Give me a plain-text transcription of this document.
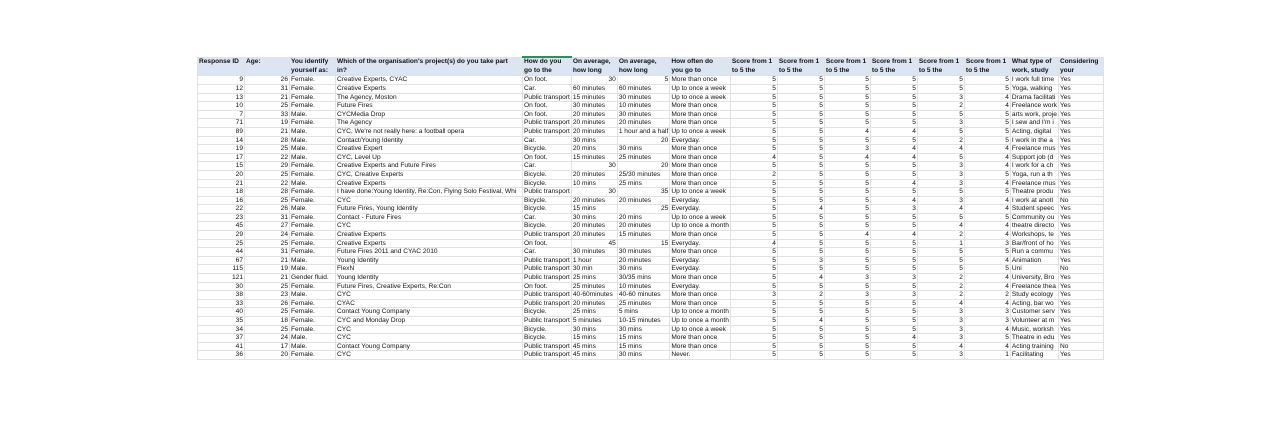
Response ID	Age:	You identify	Which of the organisation's project(s) do you take part	How do you	On average,	On average,	How often do	Score from 1	Score from 1	Score from 1	Score from 1	Score from 1	Score from 1	What type of	Considering
		yourself as:	in?	go to the	how long	how long	you go to	to 5 the	to 5 the	to 5 the	to 5 the	to 5 the	to 5 the	work, study	your
9	26	Female.	Creative Experts, CYAC	On foot.	30	5	More than once	5	5	5	5	5	5	I work full time	Yes
12	31	Female.	Creative Experts	Car.	60 minutes	60 minutes	Up to once a week	5	5	5	5	5	5	Yoga, walking	Yes
13	21	Female.	The Agency, Moston	Public transport	15 minutes	30 minutes	Up to once a week	5	5	5	5	3	4	Drama facilitati	Yes
10	25	Female.	Future Fires	On foot.	30 minutes	10 minutes	More than once	5	5	5	5	2	4	Freelance work	Yes
7	33	Male.	CYCMedia Drop	On foot.	20 minutes	30 minutes	More than once	5	5	5	5	5	5	arts work, proje	Yes
71	19	Female.	The Agency	Public transport	20 minutes	20 minutes	More than once	5	5	5	5	3	5	I sew and I'm i	Yes
89	21	Male.	CYC, We're not really here: a football opera	Public transport	20 minutes	1 hour and a half	Up to once a week	5	5	4	4	5	5	Acting, digital	Yes
14	28	Male.	Contact/Young Identity	Car.	30 mins	20	Everyday.	5	5	5	5	2	5	I work in the a	Yes
19	25	Male.	Creative Expert	Bicycle.	20 mins	30 mins	More than once	5	5	3	4	4	4	Freelance mus	Yes
17	22	Male.	CYC, Level Up	On foot.	15 minutes	25 minutes	More than once	4	5	4	4	5	4	Support job (d	Yes
15	29	Female.	Creative Experts and Future Fires	Car.	30	20	More than once	5	5	5	5	3	4	I work for a ch	Yes
20	25	Female.	CYC, Creative Experts	Bicycle.	20 minutes	25/30 minutes	More than once	2	5	5	5	3	5	Yoga, run a th	Yes
21	22	Male.	Creative Experts	Bicycle.	10 mins	25 mins	More than once	5	5	5	4	3	4	Freelance mus	Yes
18	28	Female.	I have done:Young Identity, Re:Con, Flying Solo Festival, Whi	Public transport	30	35	Up to once a week	5	5	5	5	5	5	Theatre produ	Yes
16	25	Female.	CYC	Bicycle.	20 minutes	20 minutes	Everyday.	5	5	5	4	3	4	I work at anotl	No
22	26	Male.	Future Fires, Young Identity	Bicycle.	15 mins	25	Everyday.	5	4	5	3	4	4	Student speec	Yes
23	31	Female.	Contact - Future Fires	Car.	30 mins	20 mins	Up to once a week	5	5	5	5	5	5	Community ou	Yes
45	27	Female.	CYC	Bicycle.	20 minutes	20 minutes	Up to once a month	5	5	5	5	4	4	theatre directo	Yes
29	24	Female.	Creative Experts	Public transport	20 minutes	15 minutes	More than once	5	5	4	4	2	4	Workshops, te	Yes
25	25	Female.	Creative Experts	On foot.	45	15	Everyday.	4	5	5	5	1	3	Bar/front of ho	Yes
44	31	Female.	Future Fires 2011 and CYAC 2010	Car.	30 minutes	30 minutes	More than once	5	5	5	5	5	5	Run a commu	Yes
67	21	Male.	Young Identity	Public transport	1 hour	20 minutes	Everyday.	5	3	5	5	5	4	Animation	Yes
115	19	Male.	FlexN	Public transport	30 min	30 mins	Everyday.	5	5	5	5	5	5	Uni	No
121	21	Gender fluid.	Young Identity	Public transport	25 mins	30/35 mins	More than once	5	4	3	3	2	4	University, Bro	Yes
30	25	Female.	Future Fires, Creative Experts, Re:Con	On foot.	25 minutes	10 minutes	Everyday.	5	5	5	5	2	4	Freelance thea	Yes
38	23	Male.	CYC	Public transport	40-60minutes	40-60 minutes	More than once	3	2	3	3	2	2	Study ecology	Yes
33	26	Female.	CYAC	Public transport	20 minutes	25 minutes	More than once	5	5	5	5	4	4	Acting, bar wo	Yes
40	25	Female.	Contact Young Company	Bicycle.	25 mins	5 mins	Up to once a month	5	5	5	5	3	3	Customer serv	Yes
35	18	Female.	CYC and Monday Drop	Public transport	5 minutes	10-15 minutes	Up to once a month	5	4	5	5	3	3	Volunteer at m	Yes
34	25	Female.	CYC	Bicycle.	30 mins	30 mins	Up to once a week	5	5	5	5	3	4	Music, worksh	Yes
37	24	Male.	CYC	Bicycle.	15 mins	15 mins	More than once	5	5	5	4	3	5	Theatre in edu	Yes
41	17	Male.	Contact Young Company	Public transport	45 mins	15 mins	More than once	5	5	5	5	4	4	Acting training	No
36	20	Female.	CYC	Public transport	45 mins	30 mins	Never.	5	5	5	5	3	1	Facilitating	Yes
